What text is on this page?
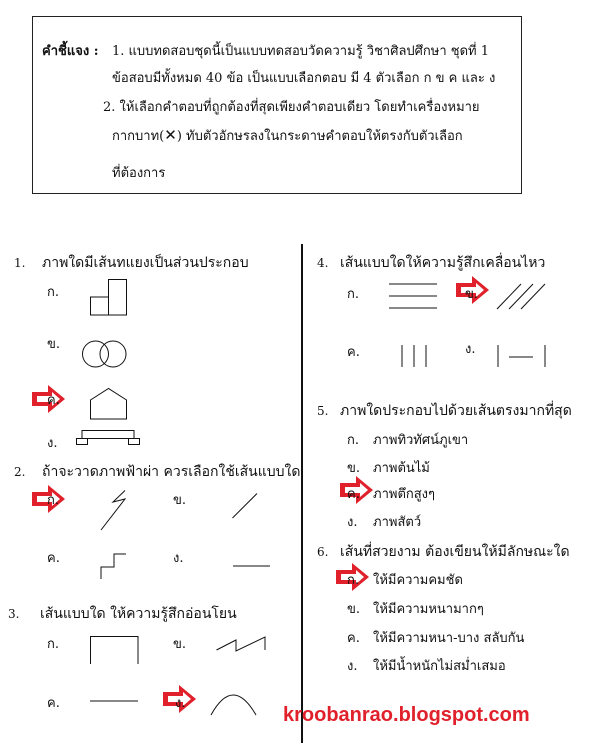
คำชี้แจง : 1. แบบทดสอบชุดนี้เป็นแบบทดสอบวัดความรู้ วิชาศิลปศึกษา ชุดที่ 1
ข้อสอบมีทั้งหมด 40 ข้อ เป็นแบบเลือกตอบ มี 4 ตัวเลือก ก ข ค และ ง
2. ให้เลือกคำตอบที่ถูกต้องที่สุดเพียงคำตอบเดียว โดยทำเครื่องหมาย
กากบาท(✕) ทับตัวอักษรลงในกระดาษคำตอบให้ตรงกับตัวเลือก
ที่ต้องการ
1. ภาพใดมีเส้นทแยงเป็นส่วนประกอบ
ก.
ข.
ค.
ง.
2. ถ้าจะวาดภาพฟ้าผ่า ควรเลือกใช้เส้นแบบใด
ก.	ข.
ค.	ง.
3. เส้นแบบใด ให้ความรู้สึกอ่อนโยน
ก.	ข.
ค.	ง.
4. เส้นแบบใดให้ความรู้สึกเคลื่อนไหว
ก.	ข.
ค.	ง.
5. ภาพใดประกอบไปด้วยเส้นตรงมากที่สุด
ก. ภาพทิวทัศน์ภูเขา
ข. ภาพต้นไม้
ค. ภาพตึกสูงๆ
ง. ภาพสัตว์
6. เส้นที่สวยงาม ต้องเขียนให้มีลักษณะใด
ก. ให้มีความคมชัด
ข. ให้มีความหนามากๆ
ค. ให้มีความหนา-บาง สลับกัน
ง. ให้มีน้ำหนักไม่สม่ำเสมอ
kroobanrao.blogspot.com
